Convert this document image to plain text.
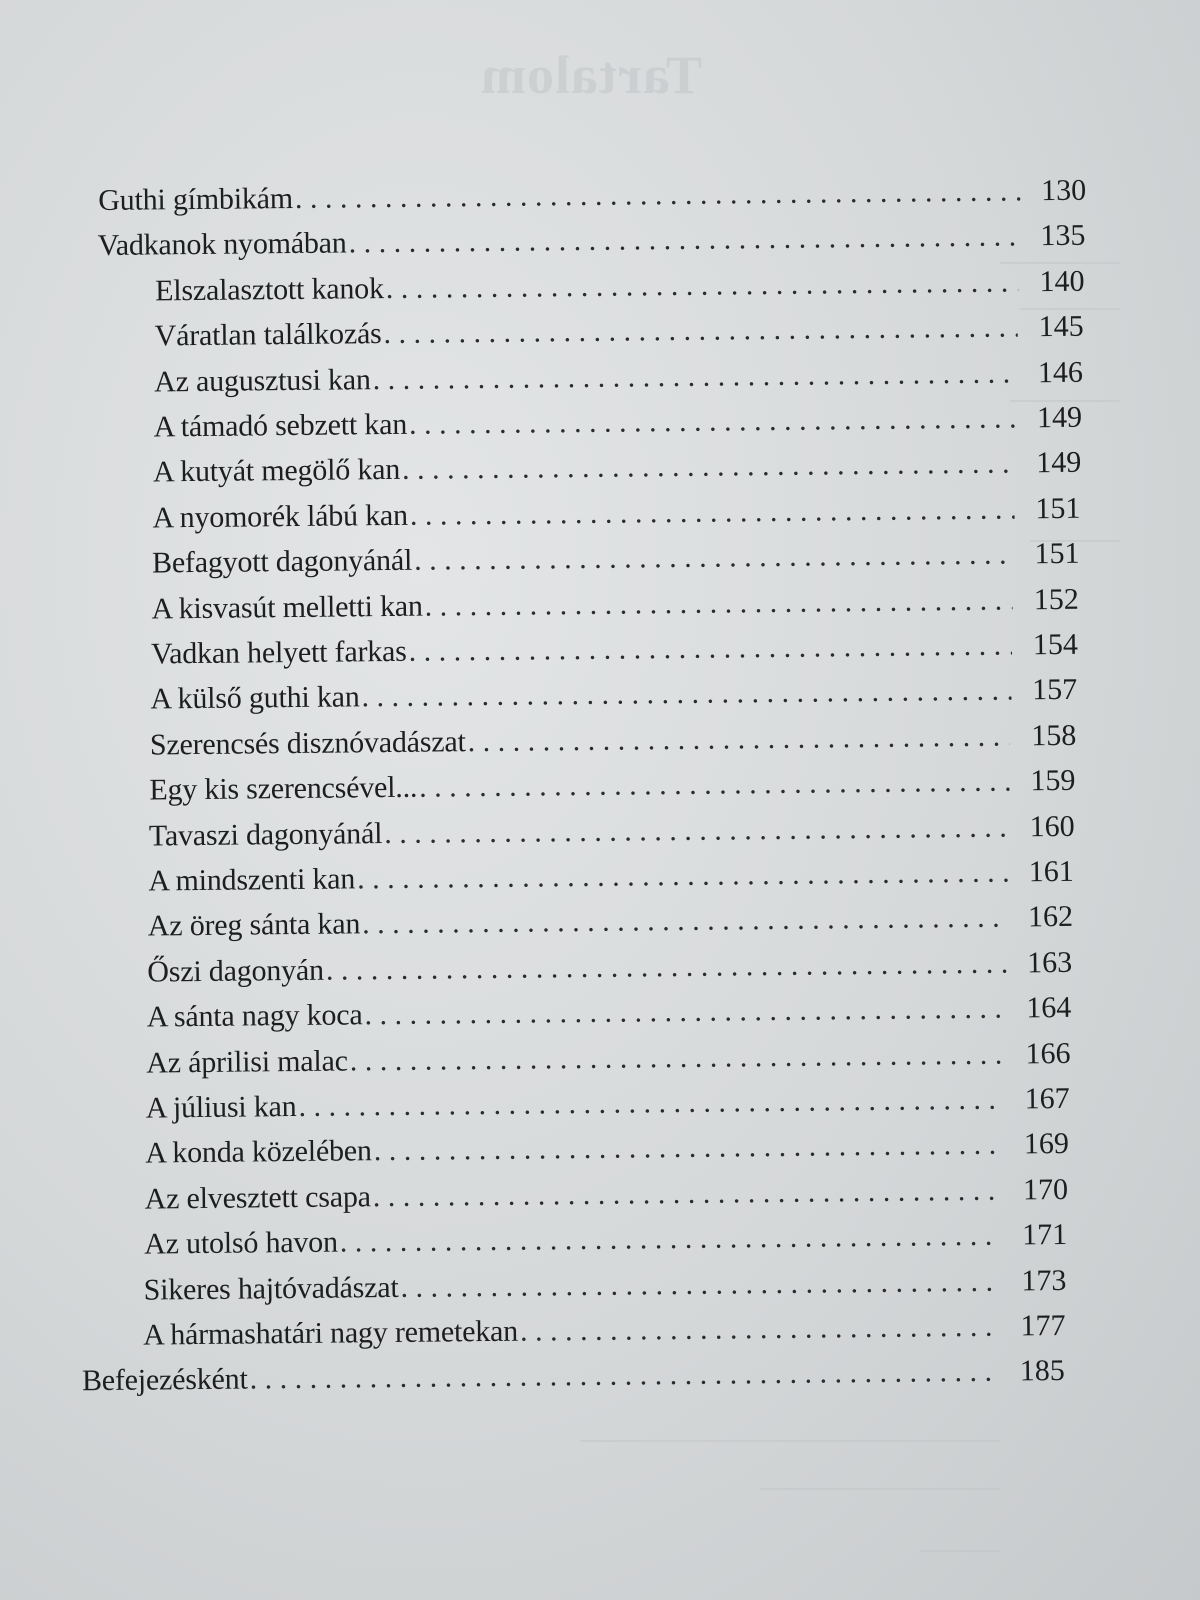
Tartalom
Guthi gímbikám . . .	130
Vadkanok nyomában . . .	135
Elszalasztott kanok . . .	140
Váratlan találkozás . . .	145
Az augusztusi kan . . .	146
A támadó sebzett kan . . .	149
A kutyát megölő kan . . .	149
A nyomorék lábú kan . . .	151
Befagyott dagonyánál . . .	151
A kisvasút melletti kan . . .	152
Vadkan helyett farkas . . .	154
A külső guthi kan . . .	157
Szerencsés disznóvadászat . . .	158
Egy kis szerencsével... . . .	159
Tavaszi dagonyánál . . .	160
A mindszenti kan . . .	161
Az öreg sánta kan . . .	162
Őszi dagonyán . . .	163
A sánta nagy koca . . .	164
Az áprilisi malac . . .	166
A júliusi kan . . .	167
A konda közelében . . .	169
Az elvesztett csapa . . .	170
Az utolsó havon . . .	171
Sikeres hajtóvadászat . . .	173
A hármashatári nagy remetekan . . .	177
Befejezésként . . .	185
